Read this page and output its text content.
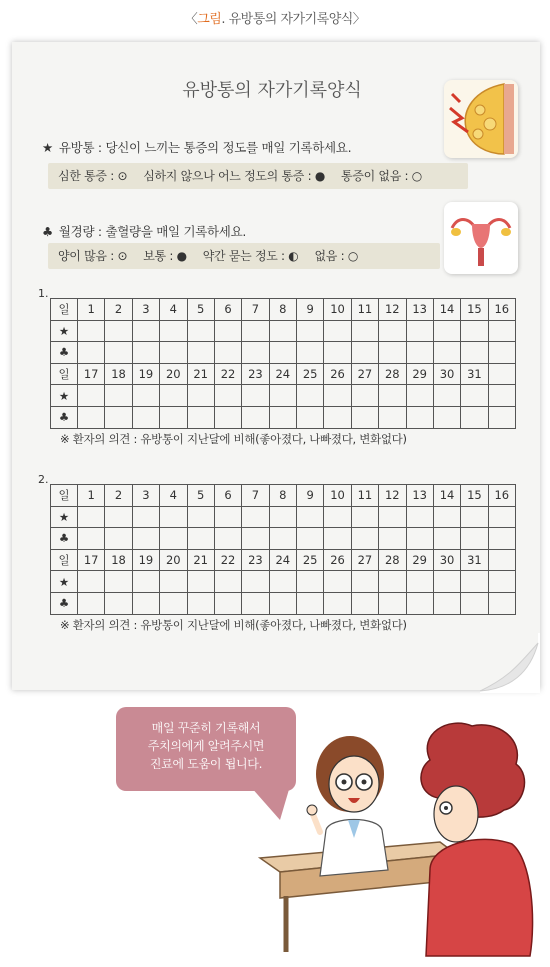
〈그림. 유방통의 자가기록양식〉
유방통의 자가기록양식
★ 유방통 : 당신이 느끼는 통증의 정도를 매일 기록하세요.
심한 통증 : ⊙ 심하지 않으나 어느 정도의 통증 : ● 통증이 없음 : ○
♣ 월경량 : 출혈량을 매일 기록하세요.
양이 많음 : ⊙ 보통 : ● 약간 묻는 정도 : ◐ 없음 : ○
1.
일	1	2	3	4	5	6	7	8	9	10	11	12	13	14	15	16
★																
♣																
일	17	18	19	20	21	22	23	24	25	26	27	28	29	30	31	
★																
♣																
※ 환자의 의견 : 유방통이 지난달에 비해(좋아졌다, 나빠졌다, 변화없다)
2.
일	1	2	3	4	5	6	7	8	9	10	11	12	13	14	15	16
★																
♣																
일	17	18	19	20	21	22	23	24	25	26	27	28	29	30	31	
★																
♣																
※ 환자의 의견 : 유방통이 지난달에 비해(좋아졌다, 나빠졌다, 변화없다)
매일 꾸준히 기록해서
주치의에게 알려주시면
진료에 도움이 됩니다.
